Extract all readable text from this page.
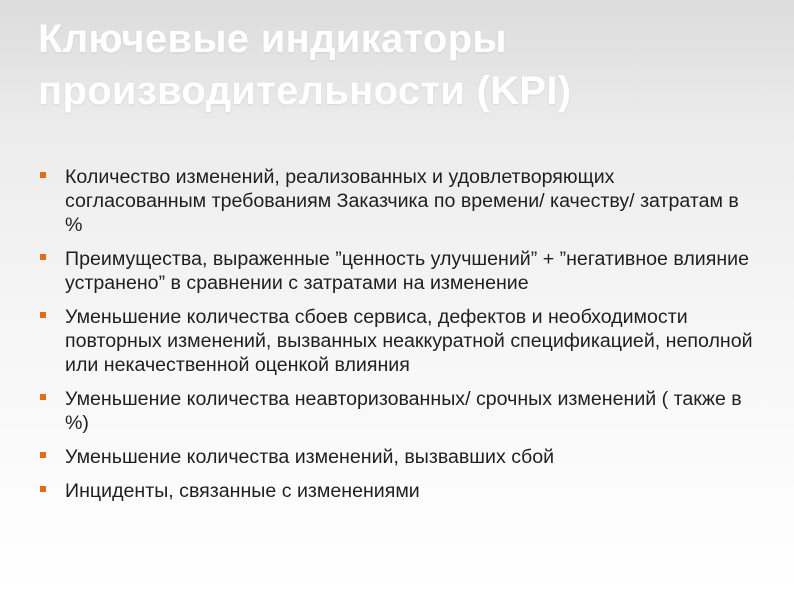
Ключевые индикаторы производительности (KPI)
Количество изменений, реализованных и удовлетворяющих согласованным требованиям Заказчика по времени/ качеству/ затратам в %
Преимущества, выраженные ”ценность улучшений” + ”негативное влияние устранено” в сравнении с затратами на изменение
Уменьшение количества сбоев сервиса, дефектов и необходимости повторных изменений, вызванных неаккуратной спецификацией, неполной или некачественной оценкой влияния
Уменьшение количества неавторизованных/ срочных изменений ( также в %)
Уменьшение количества изменений, вызвавших сбой
Инциденты, связанные с изменениями
